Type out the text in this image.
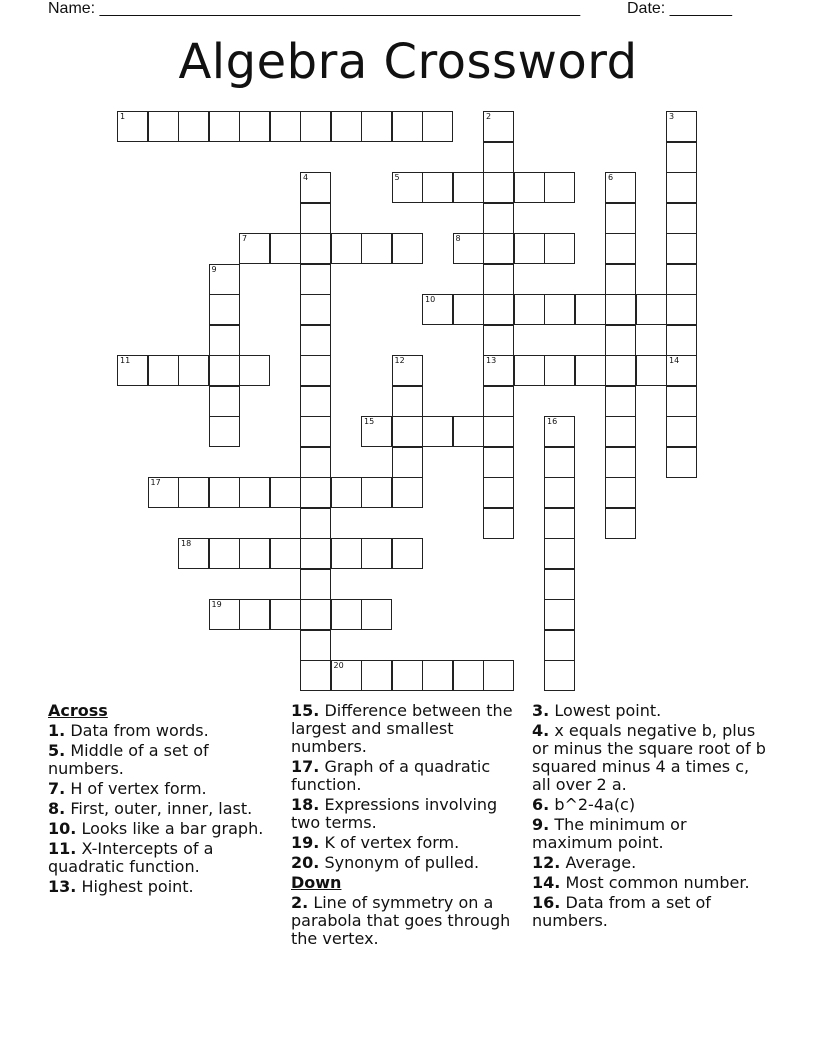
Name: ______________________________________________________	Date: _______
Algebra Crossword
1	2
13
3
14
4	5	6
7	8
9
10
11	12
15	16
17
18
19
20
Across
1. Data from words.
5. Middle of a set of numbers.
7. H of vertex form.
8. First, outer, inner, last.
10. Looks like a bar graph.
11. X-Intercepts of a quadratic function.
13. Highest point.
15. Difference between the largest and smallest numbers.
17. Graph of a quadratic function.
18. Expressions involving two terms.
19. K of vertex form.
20. Synonym of pulled.
Down
2. Line of symmetry on a parabola that goes through the vertex.
3. Lowest point.
4. x equals negative b, plus or minus the square root of b squared minus 4 a times c, all over 2 a.
6. b^2-4a(c)
9. The minimum or maximum point.
12. Average.
14. Most common number.
16. Data from a set of numbers.
